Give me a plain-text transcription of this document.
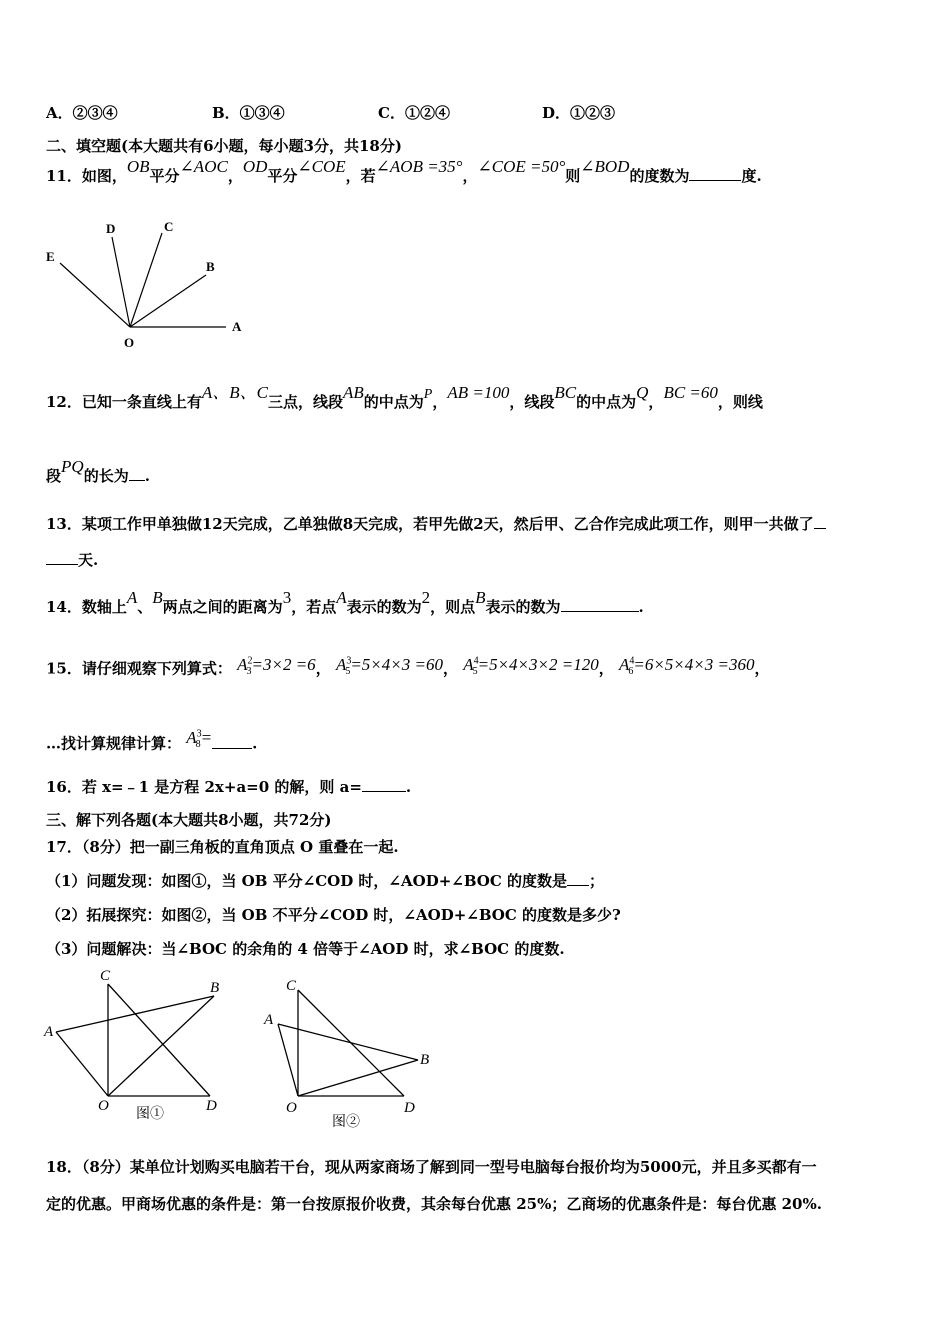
A．②③④	B．①③④	C．①②④	D．①②③
二、填空题(本大题共有6小题，每小题3分，共18分)
11．如图，OB平分∠AOC，OD平分∠COE，若∠AOB =35°，∠COE =50°则∠BOD的度数为	度.
E
D	C
B
A
O
12．已知一条直线上有A、B、C三点，线段AB的中点为P，AB =100，线段BC的中点为Q，BC =60，则线
段PQ的长为 .
13．某项工作甲单独做12天完成，乙单独做8天完成，若甲先做2天，然后甲、乙合作完成此项工作，则甲一共做了
天.
14．数轴上A、B两点之间的距离为3，若点A表示的数为2，则点B表示的数为	.
15．请仔细观察下列算式： $A^2_3=3\times 2 =6$， $A^3_5=5\times 4\times 3 =60$， $A^4_5=5\times 4\times 3\times 2 =120$， $A^4_6=6\times 5\times 4\times 3 =360$，
…找计算规律计算： $A^3_8=$	.
16．若 x=﹣1 是方程 2x+a=0 的解，则 a=	.
三、解下列各题(本大题共8小题，共72分)
17．（8分）把一副三角板的直角顶点 O 重叠在一起.
（1）问题发现：如图①，当 OB 平分∠COD 时，∠AOD+∠BOC 的度数是 ；
（2）拓展探究：如图②，当 OB 不平分∠COD 时，∠AOD+∠BOC 的度数是多少?
（3）问题解决：当∠BOC 的余角的 4 倍等于∠AOD 时，求∠BOC 的度数.
C
B
A
O	D
图①
C
A
B
O	D
图②
18．（8分）某单位计划购买电脑若干台，现从两家商场了解到同一型号电脑每台报价均为5000元，并且多买都有一
定的优惠。甲商场优惠的条件是：第一台按原报价收费，其余每台优惠 25%；乙商场的优惠条件是：每台优惠 20%.
